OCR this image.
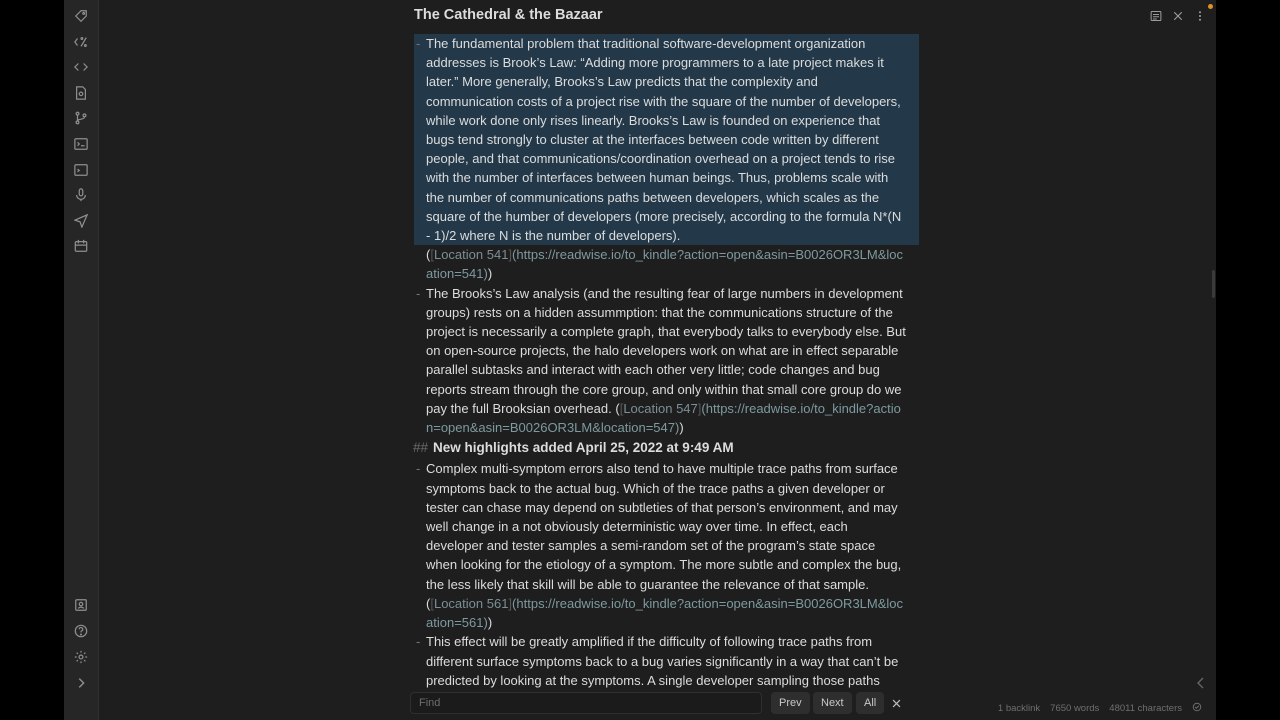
The Cathedral & the Bazaar
- The fundamental problem that traditional software-development organization addresses is Brook’s Law: “Adding more programmers to a late project makes it later.” More generally, Brooks’s Law predicts that the complexity and communication costs of a project rise with the square of the number of developers, while work done only rises linearly. Brooks’s Law is founded on experience that bugs tend strongly to cluster at the interfaces between code written by different people, and that communications/coordination overhead on a project tends to rise with the number of interfaces between human beings. Thus, problems scale with the number of communications paths between developers, which scales as the square of the humber of developers (more precisely, according to the formula N*(N - 1)/2 where N is the number of developers).
([Location 541](https://readwise.io/to_kindle?action=open&asin=B0026OR3LM&location=541))
- The Brooks’s Law analysis (and the resulting fear of large numbers in development groups) rests on a hidden assummption: that the communications structure of the project is necessarily a complete graph, that everybody talks to everybody else. But on open-source projects, the halo developers work on what are in effect separable parallel subtasks and interact with each other very little; code changes and bug reports stream through the core group, and only within that small core group do we pay the full Brooksian overhead. ([Location 547](https://readwise.io/to_kindle?action=open&asin=B0026OR3LM&location=547))
## New highlights added April 25, 2022 at 9:49 AM
- Complex multi-symptom errors also tend to have multiple trace paths from surface symptoms back to the actual bug. Which of the trace paths a given developer or tester can chase may depend on subtleties of that person’s environment, and may well change in a not obviously deterministic way over time. In effect, each developer and tester samples a semi-random set of the program’s state space when looking for the etiology of a symptom. The more subtle and complex the bug, the less likely that skill will be able to guarantee the relevance of that sample. ([Location 561](https://readwise.io/to_kindle?action=open&asin=B0026OR3LM&location=561))
- This effect will be greatly amplified if the difficulty of following trace paths from different surface symptoms back to a bug varies significantly in a way that can’t be predicted by looking at the symptoms. A single developer sampling those paths
Find
Prev	Next	All	1 backlink 7650 words 48011 characters
